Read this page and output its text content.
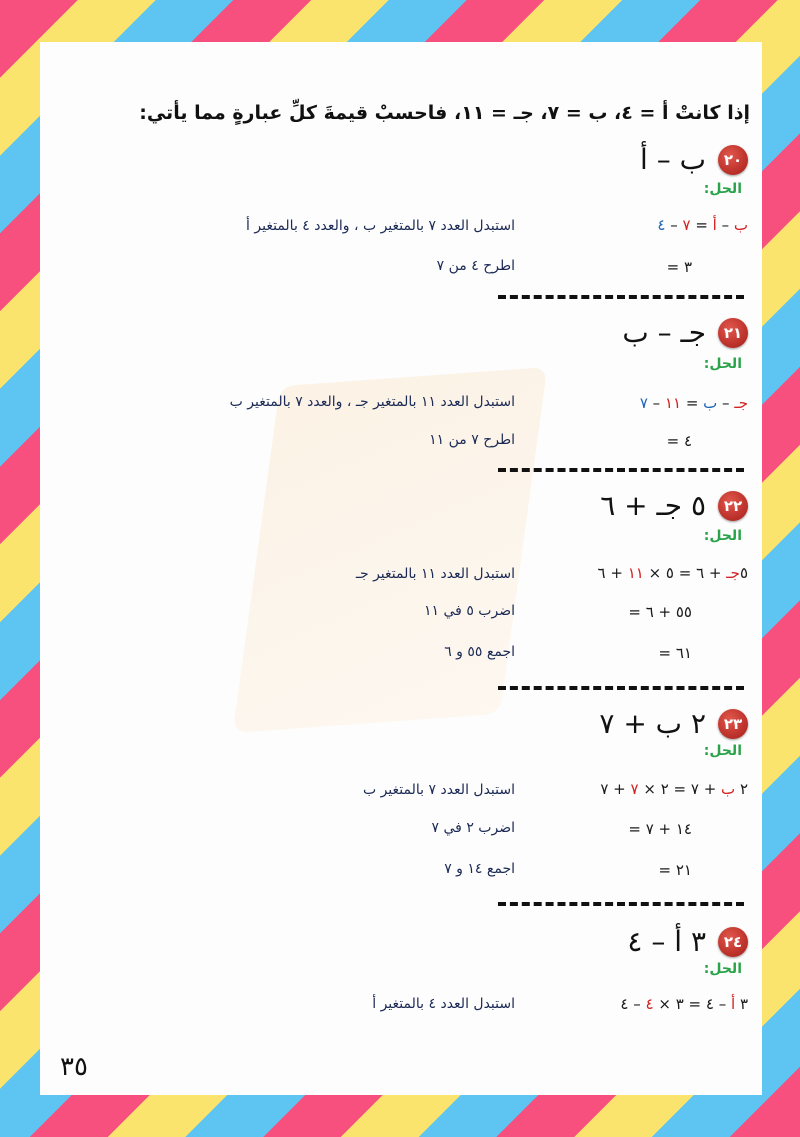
إذا كانتْ أ = ٤، ب = ٧، جـ = ١١، فاحسبْ قيمةَ كلِّ عبارةٍ مما يأتي:
٢٠
ب – أ
الحل:
ب – أ = ٧ – ٤
استبدل العدد ٧ بالمتغير ب ، والعدد ٤ بالمتغير أ
= ٣
اطرح ٤ من ٧
٢١
جـ – ب
الحل:
جـ – ب = ١١ – ٧
استبدل العدد ١١ بالمتغير جـ ، والعدد ٧ بالمتغير ب
= ٤
اطرح ٧ من ١١
٢٢
٥ جـ + ٦
الحل:
٥جـ + ٦ = ٥ × ١١ + ٦
استبدل العدد ١١ بالمتغير جـ
= ٥٥ + ٦
اضرب ٥ في ١١
= ٦١
اجمع ٥٥ و ٦
٢٣
٢ ب + ٧
الحل:
٢ ب + ٧ = ٢ × ٧ + ٧
استبدل العدد ٧ بالمتغير ب
= ١٤ + ٧
اضرب ٢ في ٧
= ٢١
اجمع ١٤ و ٧
٢٤
٣ أ – ٤
الحل:
٣ أ – ٤ = ٣ × ٤ – ٤
استبدل العدد ٤ بالمتغير أ
٣٥
